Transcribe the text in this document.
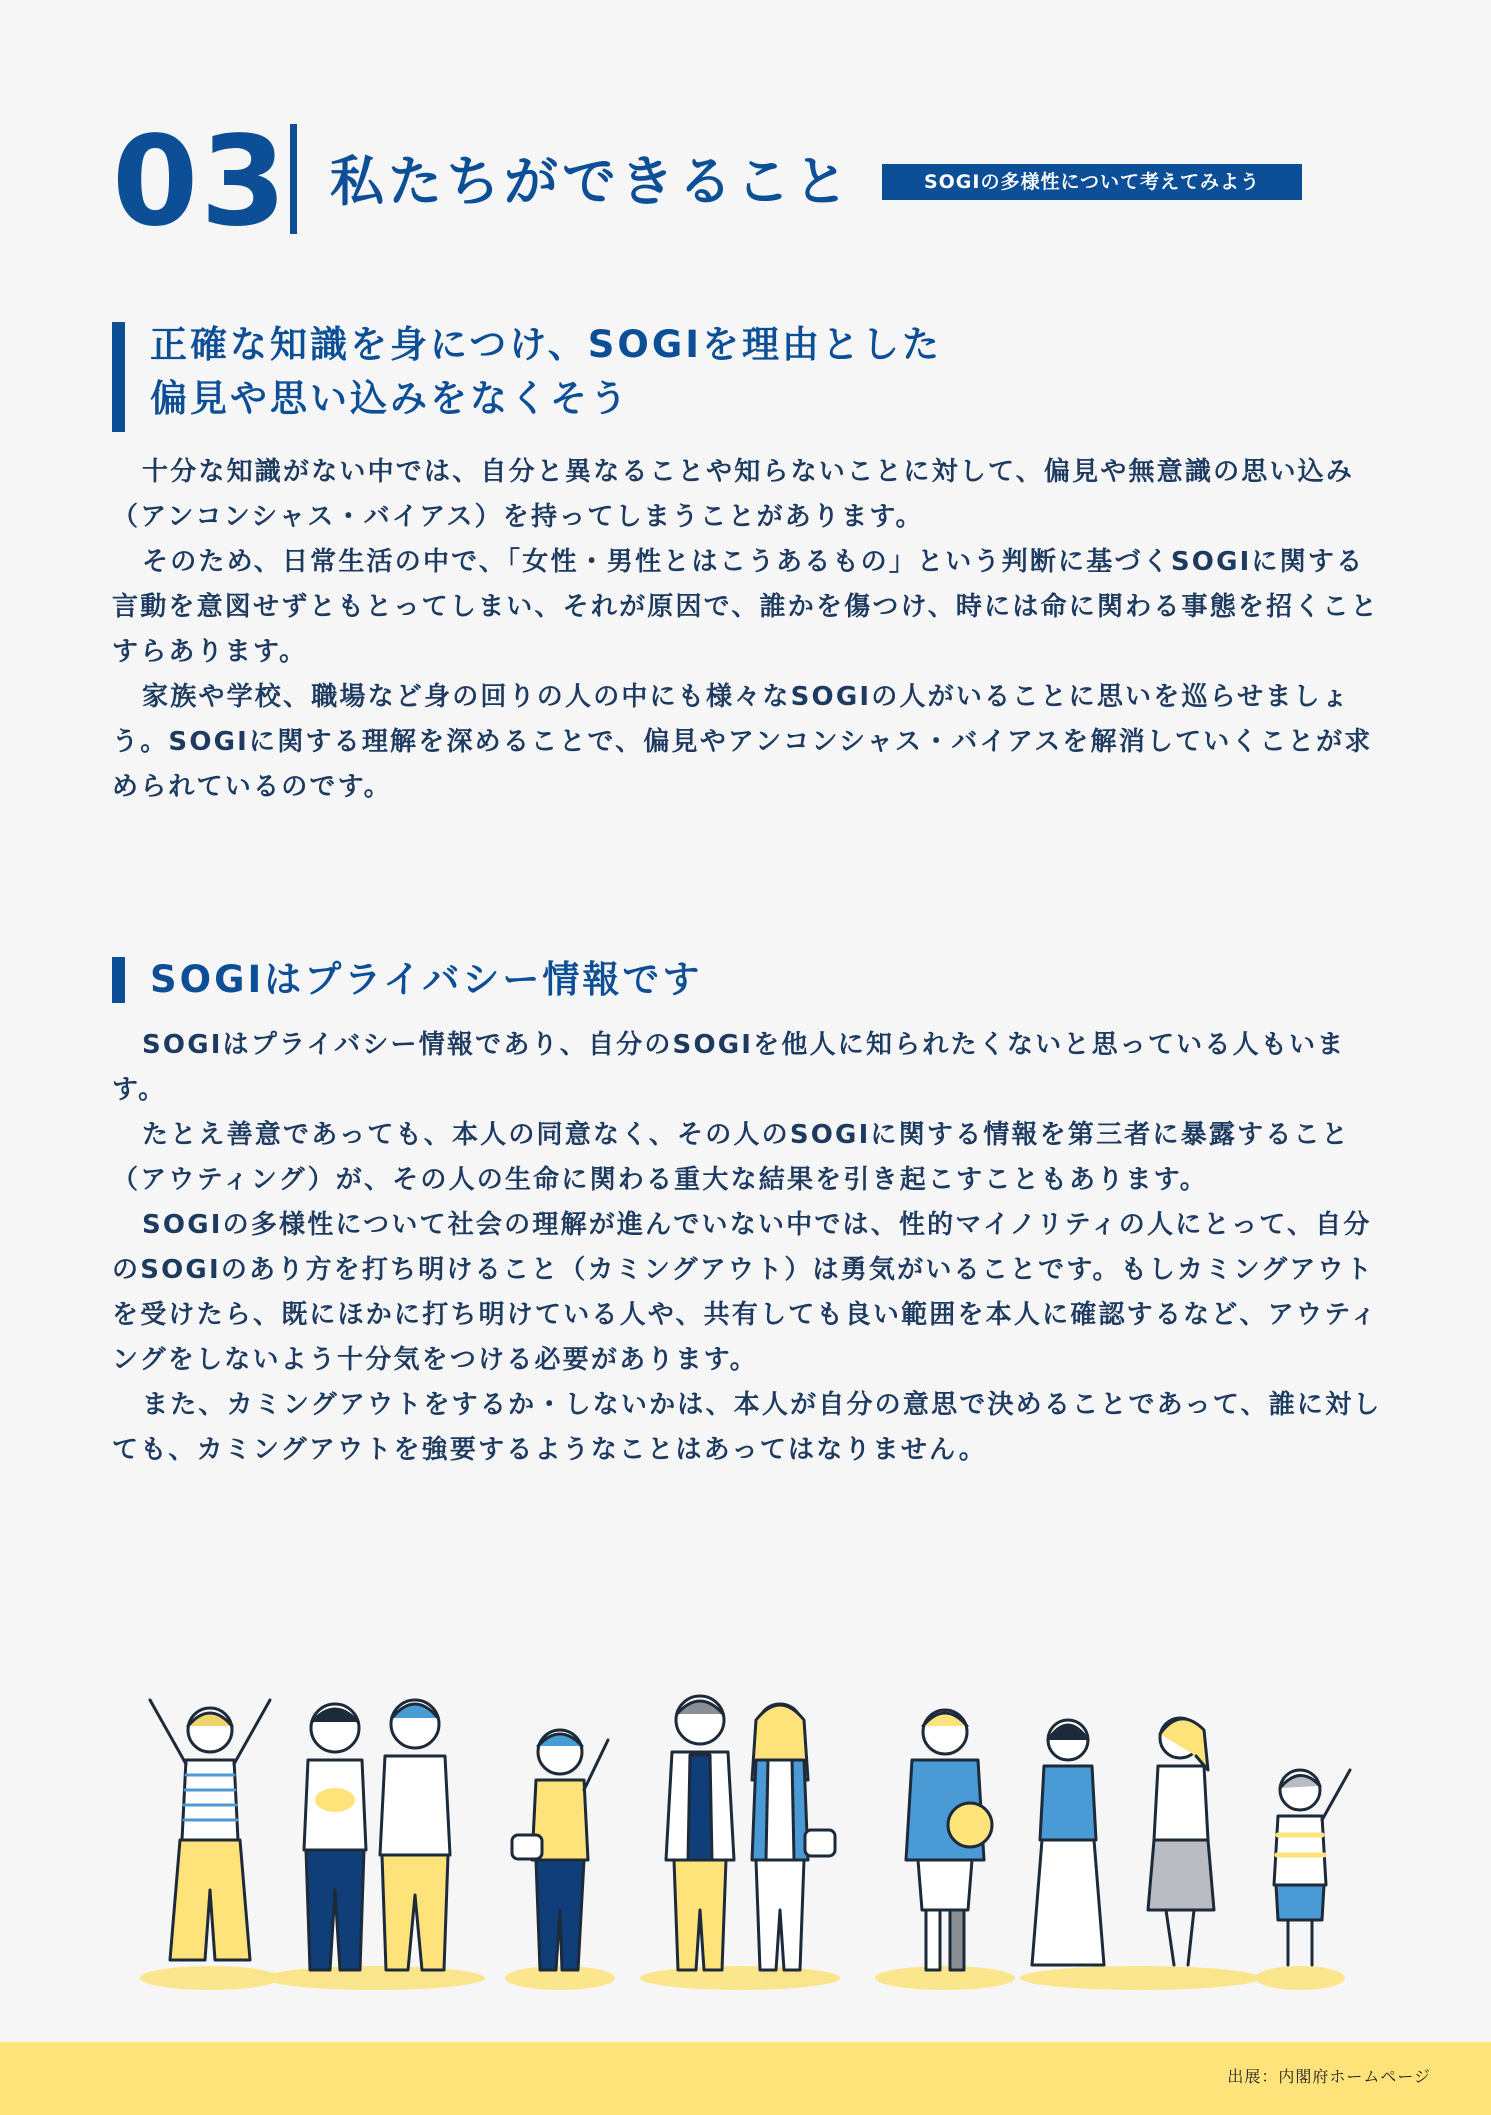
03 私たちができること	SOGIの多様性について考えてみよう
正確な知識を身につけ、SOGIを理由とした
偏見や思い込みをなくそう

十分な知識がない中では、自分と異なることや知らないことに対して、偏見や無意識の思い込み（アンコンシャス・バイアス）を持ってしまうことがあります。

そのため、日常生活の中で、「女性・男性とはこうあるもの」という判断に基づくSOGIに関する言動を意図せずともとってしまい、それが原因で、誰かを傷つけ、時には命に関わる事態を招くことすらあります。

家族や学校、職場など身の回りの人の中にも様々なSOGIの人がいることに思いを巡らせましょう。SOGIに関する理解を深めることで、偏見やアンコンシャス・バイアスを解消していくことが求められているのです。

SOGIはプライバシー情報です

SOGIはプライバシー情報であり、自分のSOGIを他人に知られたくないと思っている人もいます。

たとえ善意であっても、本人の同意なく、その人のSOGIに関する情報を第三者に暴露すること（アウティング）が、その人の生命に関わる重大な結果を引き起こすこともあります。

SOGIの多様性について社会の理解が進んでいない中では、性的マイノリティの人にとって、自分のSOGIのあり方を打ち明けること（カミングアウト）は勇気がいることです。もしカミングアウトを受けたら、既にほかに打ち明けている人や、共有しても良い範囲を本人に確認するなど、アウティングをしないよう十分気をつける必要があります。

また、カミングアウトをするか・しないかは、本人が自分の意思で決めることであって、誰に対しても、カミングアウトを強要するようなことはあってはなりません。

出展：内閣府ホームページ
